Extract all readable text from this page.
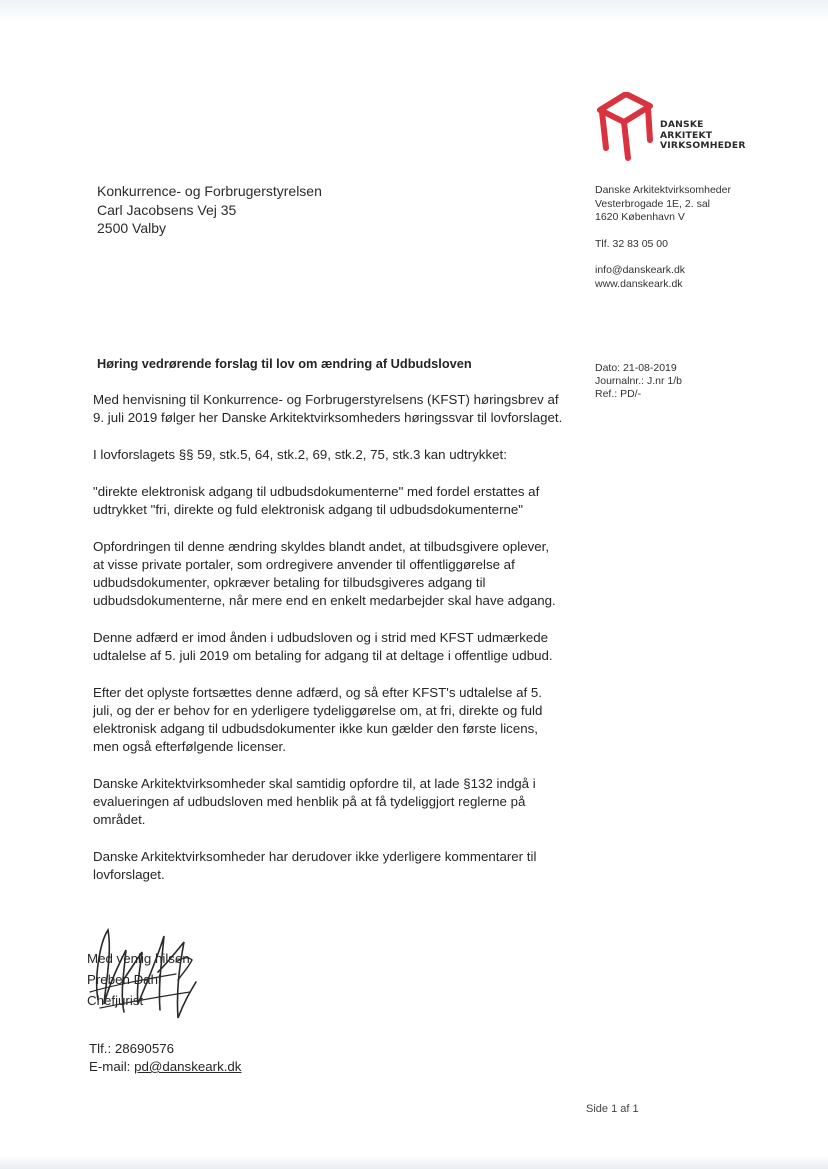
DANSKE
ARKITEKT
VIRKSOMHEDER
Konkurrence- og Forbrugerstyrelsen
Carl Jacobsens Vej 35
2500 Valby
Danske Arkitektvirksomheder
Vesterbrogade 1E, 2. sal
1620 København V
Tlf. 32 83 05 00
info@danskeark.dk
www.danskeark.dk
Dato: 21-08-2019
Journalnr.: J.nr 1/b
Ref.: PD/-
Høring vedrørende forslag til lov om ændring af Udbudsloven

Med henvisning til Konkurrence- og Forbrugerstyrelsens (KFST) høringsbrev af 9. juli 2019 følger her Danske Arkitektvirksomheders høringssvar til lovforslaget.

I lovforslagets §§ 59, stk.5, 64, stk.2, 69, stk.2, 75, stk.3 kan udtrykket:

"direkte elektronisk adgang til udbudsdokumenterne" med fordel erstattes af udtrykket "fri, direkte og fuld elektronisk adgang til udbudsdokumenterne"

Opfordringen til denne ændring skyldes blandt andet, at tilbudsgivere oplever, at visse private portaler, som ordregivere anvender til offentliggørelse af udbudsdokumenter, opkræver betaling for tilbudsgiveres adgang til udbudsdokumenterne, når mere end en enkelt medarbejder skal have adgang.

Denne adfærd er imod ånden i udbudsloven og i strid med KFST udmærkede udtalelse af 5. juli 2019 om betaling for adgang til at deltage i offentlige udbud.

Efter det oplyste fortsættes denne adfærd, og så efter KFST's udtalelse af 5. juli, og der er behov for en yderligere tydeliggørelse om, at fri, direkte og fuld elektronisk adgang til udbudsdokumenter ikke kun gælder den første licens, men også efterfølgende licenser.

Danske Arkitektvirksomheder skal samtidig opfordre til, at lade §132 indgå i evalueringen af udbudsloven med henblik på at få tydeliggjort reglerne på området.

Danske Arkitektvirksomheder har derudover ikke yderligere kommentarer til lovforslaget.

Med venlig hilsen
Preben Dahl
Chefjurist
Tlf.: 28690576
E-mail: pd@danskeark.dk
Side 1 af 1
